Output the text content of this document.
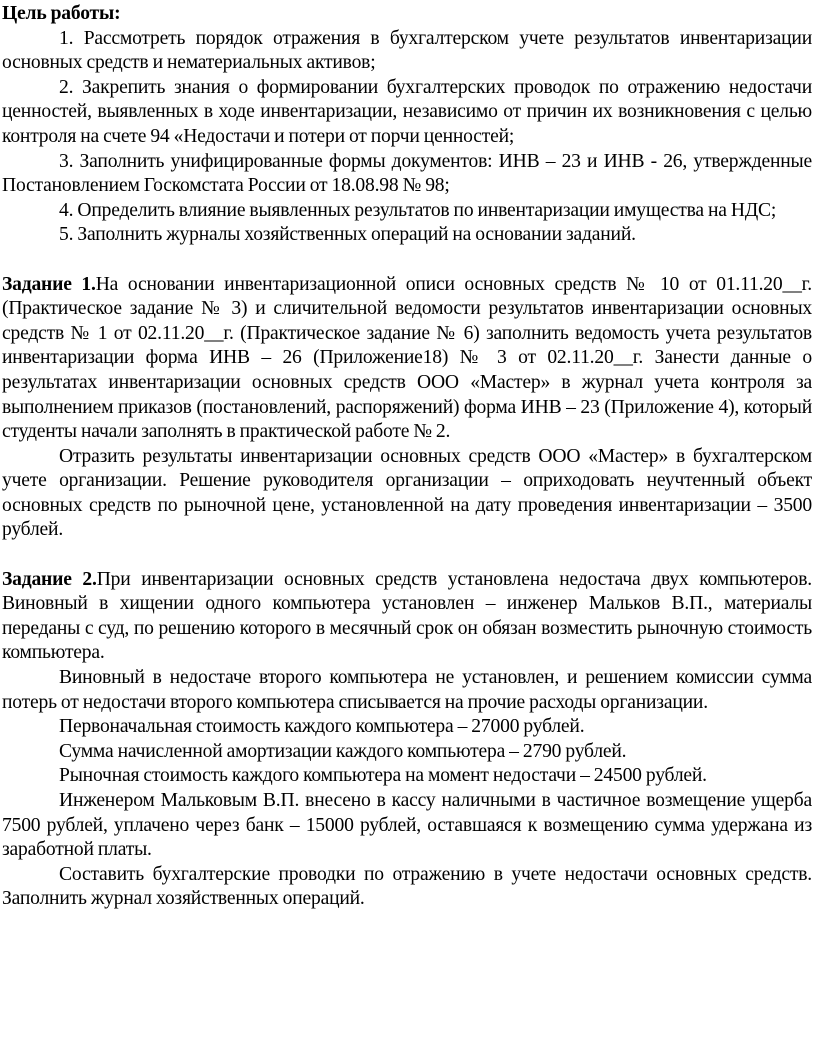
Цель работы:

1. Рассмотреть порядок отражения в бухгалтерском учете результатов инвентаризации основных средств и нематериальных активов;

2. Закрепить знания о формировании бухгалтерских проводок по отражению недостачи ценностей, выявленных в ходе инвентаризации, независимо от причин их возникновения с целью контроля на счете 94 «Недостачи и потери от порчи ценностей;

3. Заполнить унифицированные формы документов: ИНВ – 23 и ИНВ - 26, утвержденные Постановлением Госкомстата России от 18.08.98 № 98;

4. Определить влияние выявленных результатов по инвентаризации имущества на НДС;

5. Заполнить журналы хозяйственных операций на основании заданий.

Задание 1.На основании инвентаризационной описи основных средств № 10 от 01.11.20__г. (Практическое задание № 3) и сличительной ведомости результатов инвентаризации основных средств № 1 от 02.11.20__г. (Практическое задание № 6) заполнить ведомость учета результатов инвентаризации форма ИНВ – 26 (Приложение18) № 3 от 02.11.20__г. Занести данные о результатах инвентаризации основных средств ООО «Мастер» в журнал учета контроля за выполнением приказов (постановлений, распоряжений) форма ИНВ – 23 (Приложение 4), который студенты начали заполнять в практической работе № 2.

Отразить результаты инвентаризации основных средств ООО «Мастер» в бухгалтерском учете организации. Решение руководителя организации – оприходовать неучтенный объект основных средств по рыночной цене, установленной на дату проведения инвентаризации – 3500 рублей.

Задание 2.При инвентаризации основных средств установлена недостача двух компьютеров. Виновный в хищении одного компьютера установлен – инженер Мальков В.П., материалы переданы с суд, по решению которого в месячный срок он обязан возместить рыночную стоимость компьютера.

Виновный в недостаче второго компьютера не установлен, и решением комиссии сумма потерь от недостачи второго компьютера списывается на прочие расходы организации.

Первоначальная стоимость каждого компьютера – 27000 рублей.

Сумма начисленной амортизации каждого компьютера – 2790 рублей.

Рыночная стоимость каждого компьютера на момент недостачи – 24500 рублей.

Инженером Мальковым В.П. внесено в кассу наличными в частичное возмещение ущерба 7500 рублей, уплачено через банк – 15000 рублей, оставшаяся к возмещению сумма удержана из заработной платы.

Составить бухгалтерские проводки по отражению в учете недостачи основных средств. Заполнить журнал хозяйственных операций.
